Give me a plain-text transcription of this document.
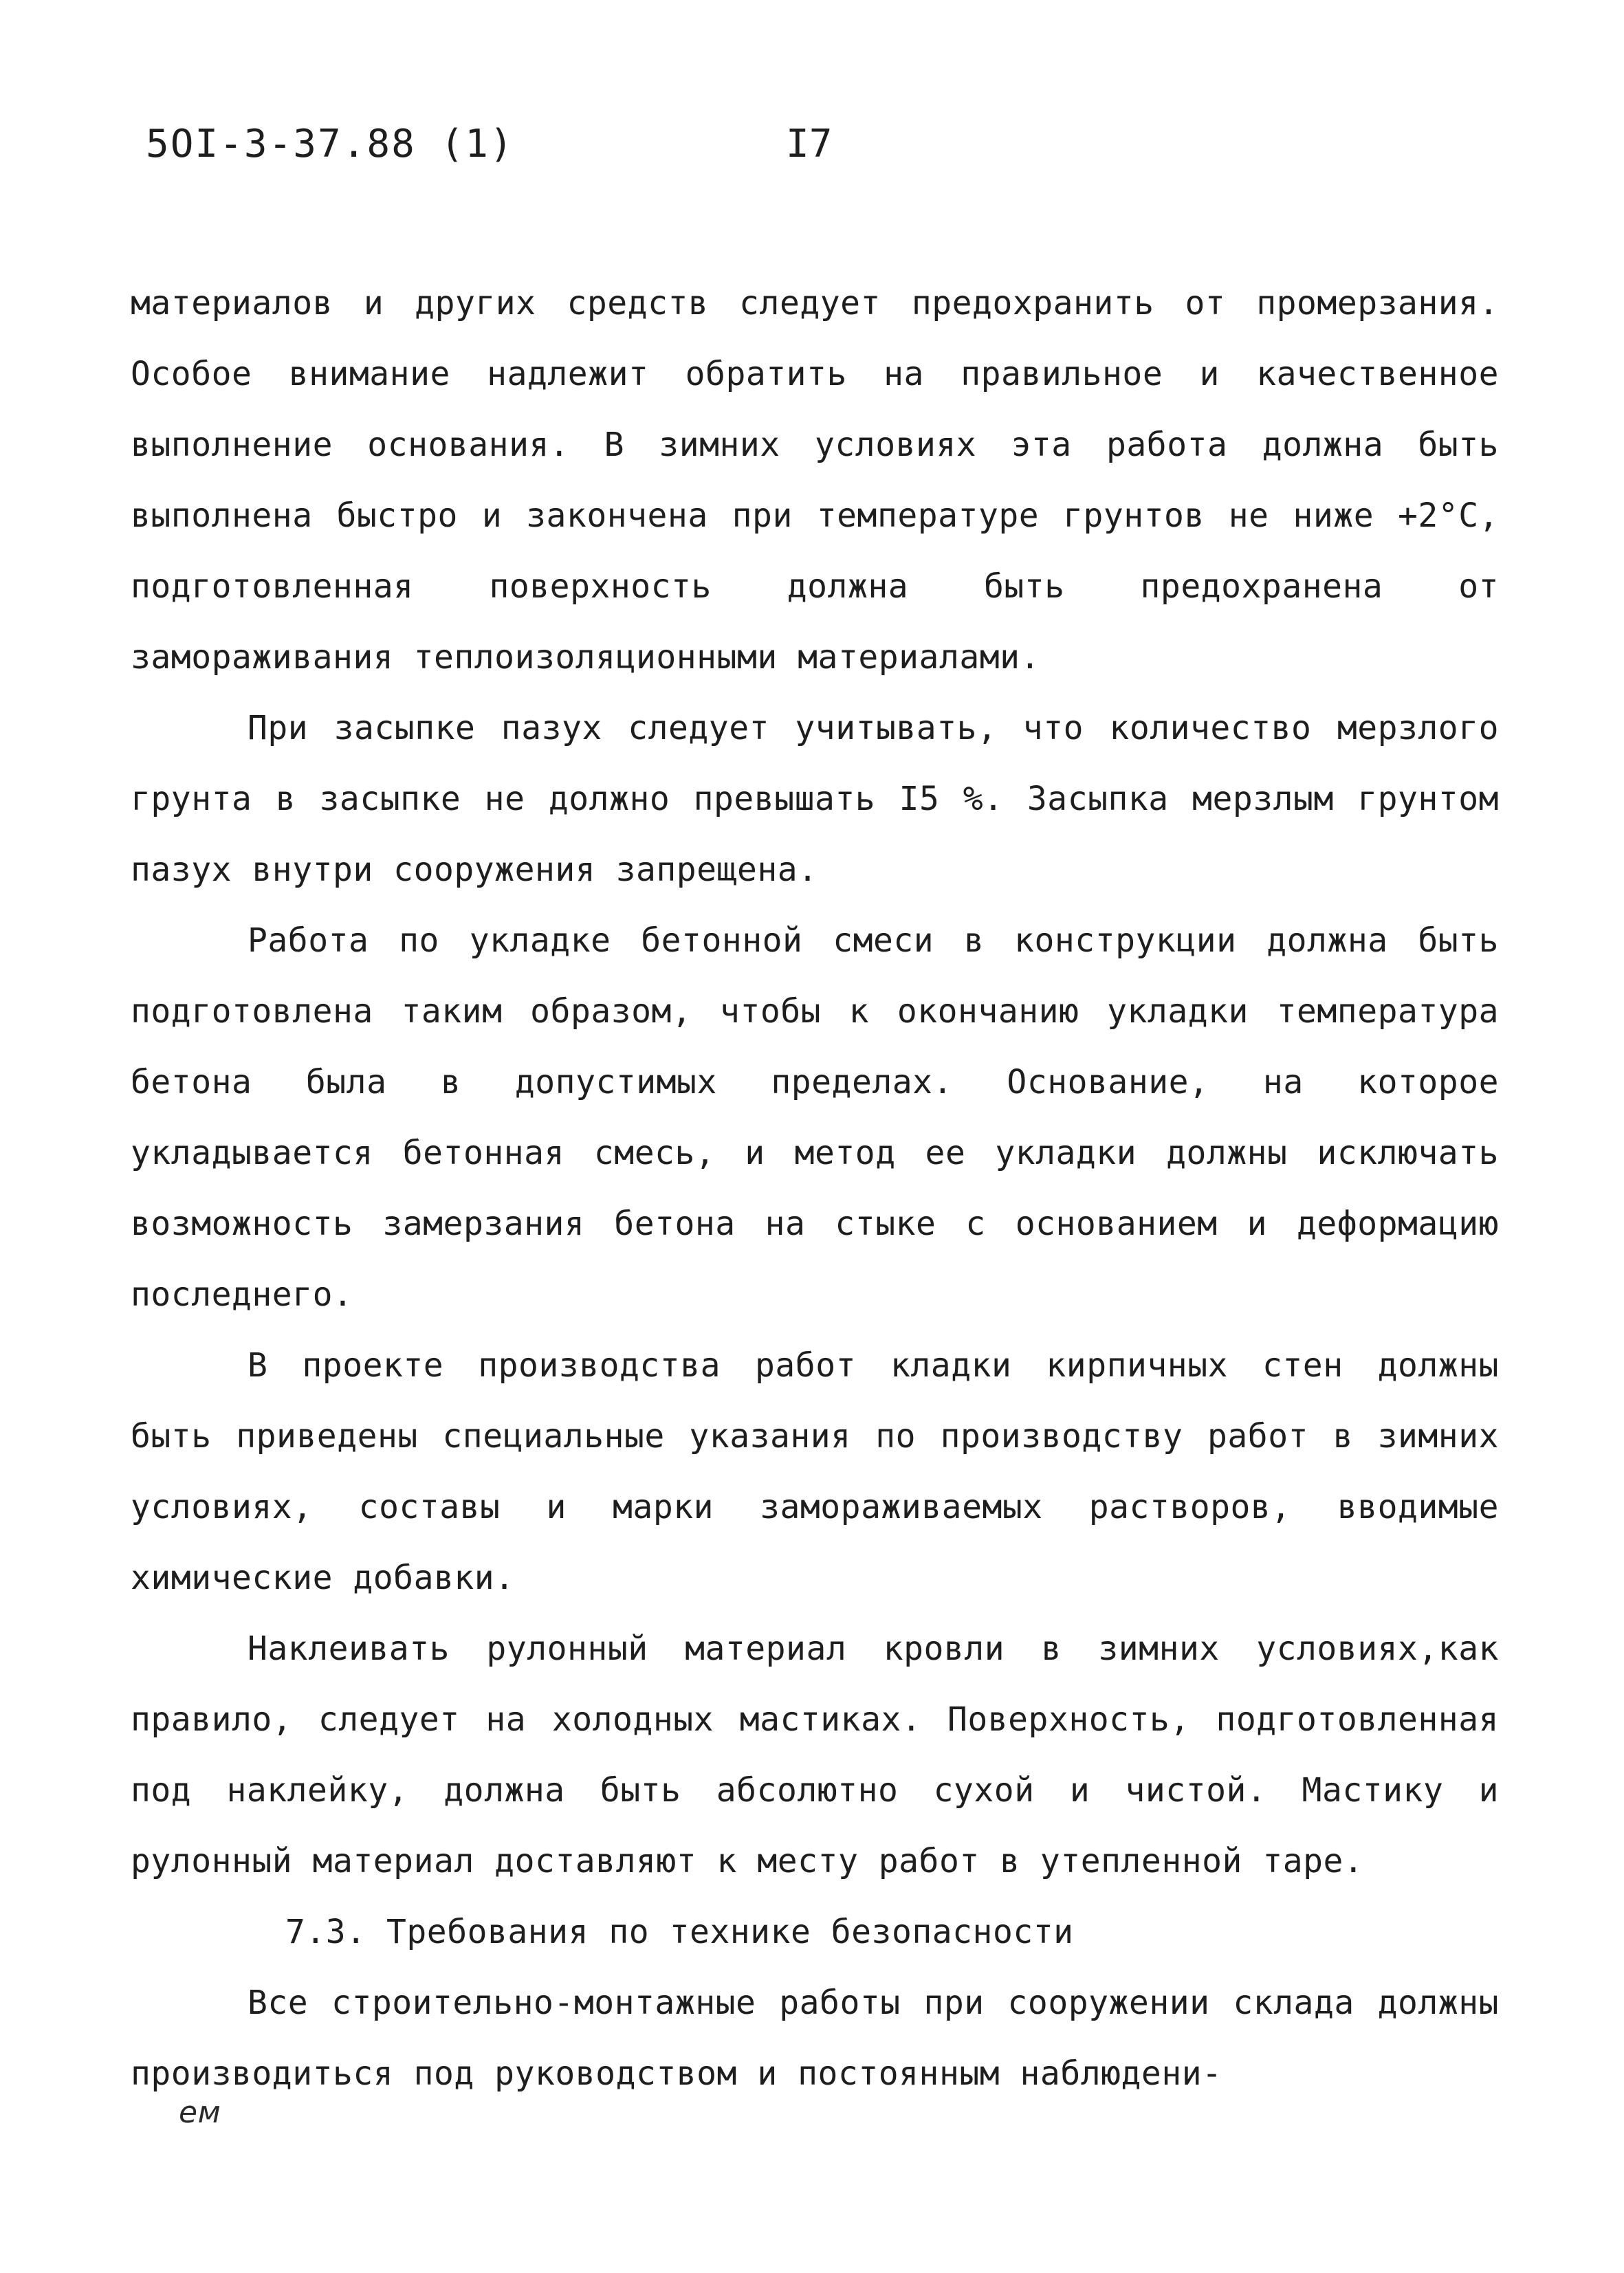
5ОI-3-37.88 (1)	I7

материалов и других средств следует предохранить от промерзания. Особое внимание надлежит обратить на правильное и качественное выполнение основания. В зимних условиях эта работа должна быть выполнена быстро и закончена при температуре грунтов не ниже +2°С, подготовленная поверхность должна быть предохранена от замораживания теплоизоляционными материалами.

При засыпке пазух следует учитывать, что количество мерзлого грунта в засыпке не должно превышать I5 %. Засыпка мерзлым грунтом пазух внутри сооружения запрещена.

Работа по укладке бетонной смеси в конструкции должна быть подготовлена таким образом, чтобы к окончанию укладки температура бетона была в допустимых пределах. Основание, на которое укладывается бетонная смесь, и метод ее укладки должны исключать возможность замерзания бетона на стыке с основанием и деформацию последнего.

В проекте производства работ кладки кирпичных стен должны быть приведены специальные указания по производству работ в зимних условиях, составы и марки замораживаемых растворов, вводимые химические добавки.

Наклеивать рулонный материал кровли в зимних условиях,как правило, следует на холодных мастиках. Поверхность, подготовленная под наклейку, должна быть абсолютно сухой и чистой. Мастику и рулонный материал доставляют к месту работ в утепленной таре.

7.3. Требования по технике безопасности

Все строительно-монтажные работы при сооружении склада должны производиться под руководством и постоянным наблюдени-

ем
